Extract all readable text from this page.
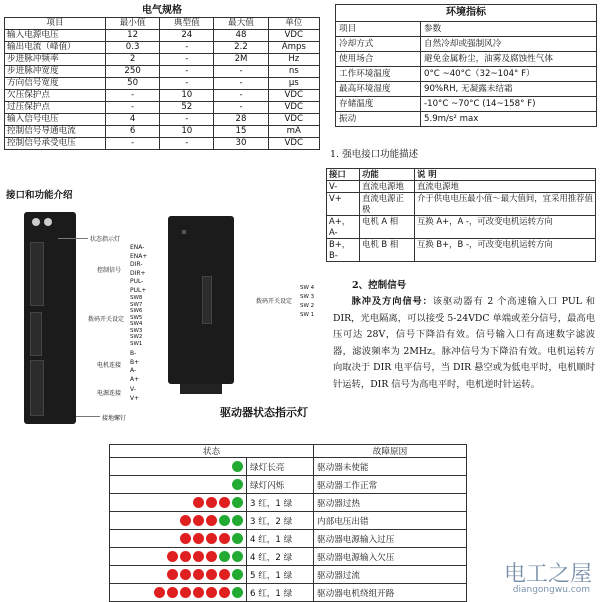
电气规格				
项目	最小值	典型值	最大值	单位
输入电源电压	12	24	48	VDC
输出电流（峰值）	0.3	-	2.2	Amps
步进脉冲频率	2	-	2M	Hz
步进脉冲宽度	250	-	-	ns
方向信号宽度	50	-	-	μs
欠压保护点	-	10	-	VDC
过压保护点	-	52	-	VDC
输入信号电压	4	-	28	VDC
控制信号导通电流	6	10	15	mA
控制信号承受电压	-	-	30	VDC
环境指标	
项目	参数
冷却方式	自然冷却或强制风冷
使用场合	避免金属粉尘，油雾及腐蚀性气体
工作环境温度	0°C ~40°C（32~104° F）
最高环境湿度	90%RH, 无凝露未结霜
存储温度	-10°C ~70°C (14~158° F)
振动	5.9m/s² max
接口和功能介绍
1. 强电接口功能描述
接口	功能	说 明
V-	直流电源地	直流电源地
V+	直流电源正极	介于供电电压最小值～最大值间，宜采用推荐值
A+，A-	电机 A 相	互换 A+，A -，可改变电机运转方向
B+，B-	电机 B 相	互换 B+，B -，可改变电机运转方向
2、控制信号
脉冲及方向信号：该驱动器有 2 个高速输入口 PUL 和 DIR，光电隔离，可以接受 5-24VDC 单端或差分信号，最高电压可达 28V，信号下降沿有效。信号输入口有高速数字滤波器，滤波频率为 2MHz。脉冲信号为下降沿有效。电机运转方向取决于 DIR 电平信号，当 DIR 悬空或为低电平时，电机顺时针运转，DIR 信号为高电平时，电机逆时针运转。
状态指示灯
控制信号
ENA-
ENA+
DIR-
DIR+
PUL-
PUL+
拨码开关设定
SW8
SW7
SW6
SW5
SW4
SW3
SW2
SW1
电机连接
B-
B+
A-
A+
电源连接
V-
V+
接地螺钉
拨码开关设定
SW 4
SW 3
SW 2
SW 1
驱动器状态指示灯
状态		故障原因

	绿灯长亮	驱动器未使能

	绿灯闪烁	驱动器工作正常

	3 红，1 绿	驱动器过热

	3 红，2 绿	内部电压出错

	4 红，1 绿	驱动器电源输入过压

	4 红，2 绿	驱动器电源输入欠压

	5 红，1 绿	驱动器过流

	6 红，1 绿	驱动器电机绕组开路
电工之屋
diangongwu.com
